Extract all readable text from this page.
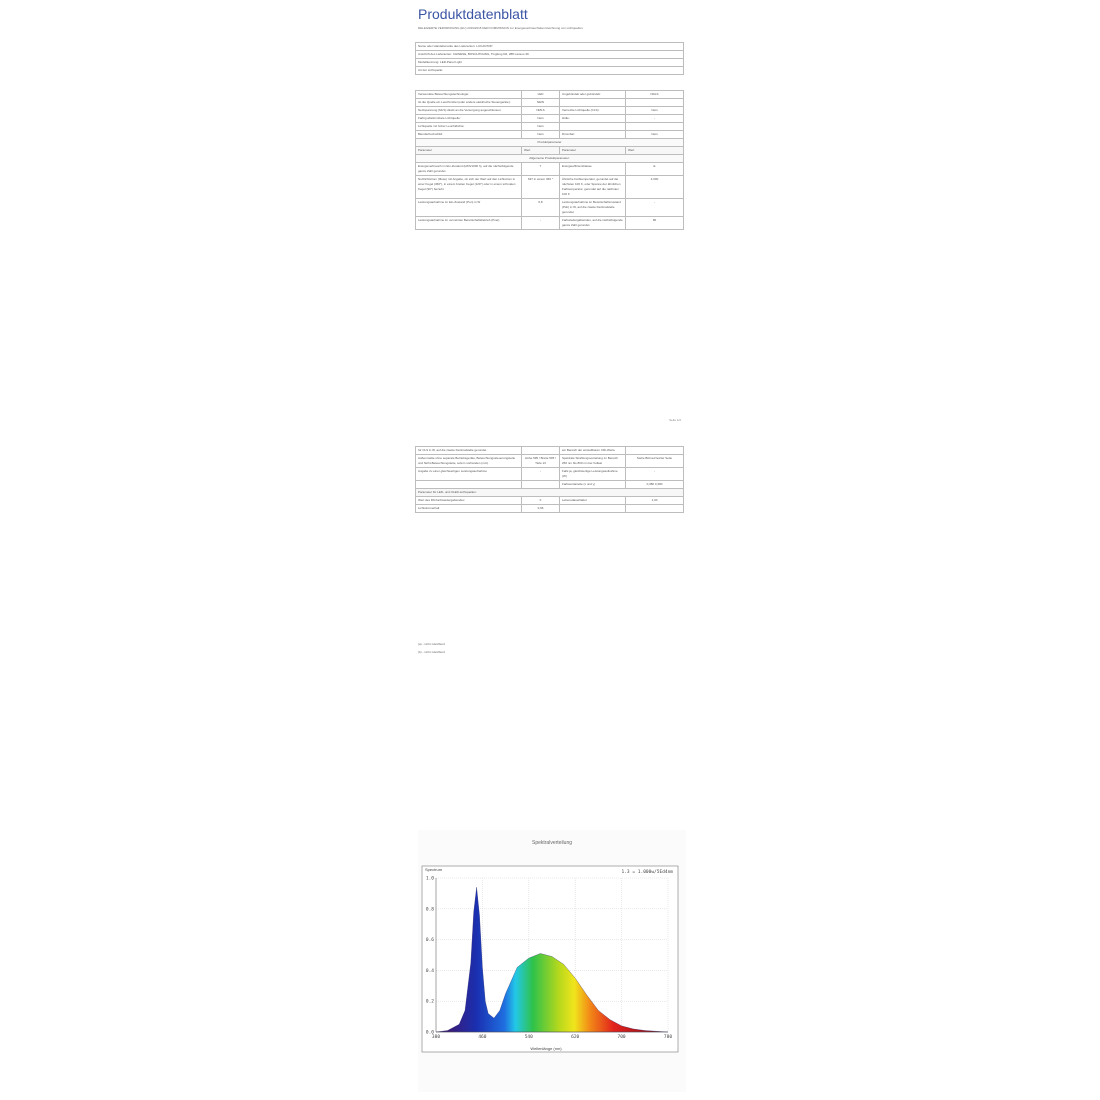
Produktdatenblatt
DELEGIERTE VERORDNUNG (EU) 2019/2015 DER KOMMISSION zur Energieverbrauchskennzeichnung von Lichtquellen
Name oder Handelsmarke des Lieferanten: LUCANTOP
Anschrift des Lieferanten: CHINESE, BOSCHTOHNG, Tingfeng Rd, 288 Lansuo 39
Modellkennung: LED-Panel Light
Art der Lichtquelle:
Verwendete Beleuchtungstechnologie:	LED	Ungebündelt oder gebündelt:	NDLS
Ist die Quelle ein Leuchtmittel (oder andere elektrische Steuergeräte):	NEIN		
Netzspannung (MLS) direkt an die Versorgung angeschlossen:	NMLS	Vernetzte Lichtquelle (CLS):	Nein
Farbig abstimmbare Lichtquelle:	Nein	Hülle:	-
Lichtquelle mit hoher Leuchtdichte:	Nein		
Blendschutzschild:	Nein	Dimmbar:	Nein
Produktparameter			
Parameter	Wert	Parameter	Wert
Allgemeine Produktparameter:			
Energieverbrauch im Ein-Zustand (kWh/1000 h), auf die nächstfolgende ganze Zahl gerundet	7	Energieeffizienzklasse	E
Nutzlichtstrom (Φuse) mit Angabe, ob sich der Wert auf den Lichtstrom in einer Kugel (360°), in einem breiten Kegel (120°) oder in einem schmalen Kegel (90°) bezieht	637 in einem 360 °	Ähnliche Farbtemperatur, gerundet auf die nächsten 100 K, oder Spanne der ähnlichen Farbtemperatur, gerundet auf die nächsten 100 K	4.000
Leistungsaufnahme im Ein-Zustand (Pon) in W	6,8	Leistungsaufnahme im Bereitschaftszustand (Psb) in W, auf die zweite Dezimalstelle gerundet	-
Leistungsaufnahme im vernetzten Bereitschaftsbetrieb (Pnet)	-	Farbwiedergabeindex, auf die nächstfolgende ganze Zahl gerundet	80
Seite 1/2
für CLS in W, auf die zweite Dezimalstelle gerundet		ein Bereich der einstellbaren CRI-Werte	
Außenmaße ohne separate Betriebsgeräte, Beleuchtungssteuerungsteile und Nicht-Beleuchtungsteile, sofern vorhanden (mm)	Höhe 595 / Breite 595 / Tiefe 13	Spektrale Strahlungsverteilung im Bereich 250 nm bis 800 nm bei Vollast	Siehe Bild auf letzter Seite
Angabe zu einer gleichwertigen Leistungsaufnahme	-	Falls ja, gleichwertige Leistungsaufnahme (W)	-
		Farbwertanteile (x und y)	0,380 0,380
Parameter für LED- und OLED-Lichtquellen:			
Wert des R9-Farbwiedergabeindex	0	Lebensdauerfaktor	1,00
Lichtstromerhalt	0,96		
(a) - nicht zutreffend
(b) - nicht zutreffend
Spektralverteilung
Spectrum
1.3 = 1.000w/5Ed4nm
0.0
0.2
0.4
0.6
0.8
1.0
380	460	540	620	700	780
Wellenlänge (nm)
